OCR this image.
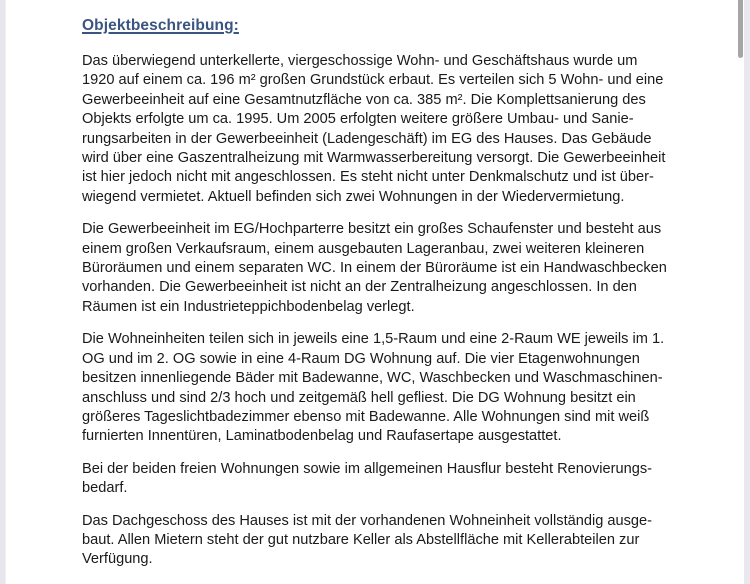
Objektbeschreibung:

Das überwiegend unterkellerte, viergeschossige Wohn- und Geschäftshaus wurde um
1920 auf einem ca. 196 m² großen Grundstück erbaut. Es verteilen sich 5 Wohn- und eine
Gewerbeeinheit auf eine Gesamtnutzfläche von ca. 385 m². Die Komplettsanierung des
Objekts erfolgte um ca. 1995. Um 2005 erfolgten weitere größere Umbau- und Sanie-
rungsarbeiten in der Gewerbeeinheit (Ladengeschäft) im EG des Hauses. Das Gebäude
wird über eine Gaszentralheizung mit Warmwasserbereitung versorgt. Die Gewerbeeinheit
ist hier jedoch nicht mit angeschlossen. Es steht nicht unter Denkmalschutz und ist über-
wiegend vermietet. Aktuell befinden sich zwei Wohnungen in der Wiedervermietung.

Die Gewerbeeinheit im EG/Hochparterre besitzt ein großes Schaufenster und besteht aus
einem großen Verkaufsraum, einem ausgebauten Lageranbau, zwei weiteren kleineren
Büroräumen und einem separaten WC. In einem der Büroräume ist ein Handwaschbecken
vorhanden. Die Gewerbeeinheit ist nicht an der Zentralheizung angeschlossen. In den
Räumen ist ein Industrieteppichbodenbelag verlegt.

Die Wohneinheiten teilen sich in jeweils eine 1,5-Raum und eine 2-Raum WE jeweils im 1.
OG und im 2. OG sowie in eine 4-Raum DG Wohnung auf. Die vier Etagenwohnungen
besitzen innenliegende Bäder mit Badewanne, WC, Waschbecken und Waschmaschinen-
anschluss und sind 2/3 hoch und zeitgemäß hell gefliest. Die DG Wohnung besitzt ein
größeres Tageslichtbadezimmer ebenso mit Badewanne. Alle Wohnungen sind mit weiß
furnierten Innentüren, Laminatbodenbelag und Raufasertape ausgestattet.

Bei der beiden freien Wohnungen sowie im allgemeinen Hausflur besteht Renovierungs-
bedarf.

Das Dachgeschoss des Hauses ist mit der vorhandenen Wohneinheit vollständig ausge-
baut. Allen Mietern steht der gut nutzbare Keller als Abstellfläche mit Kellerabteilen zur
Verfügung.
